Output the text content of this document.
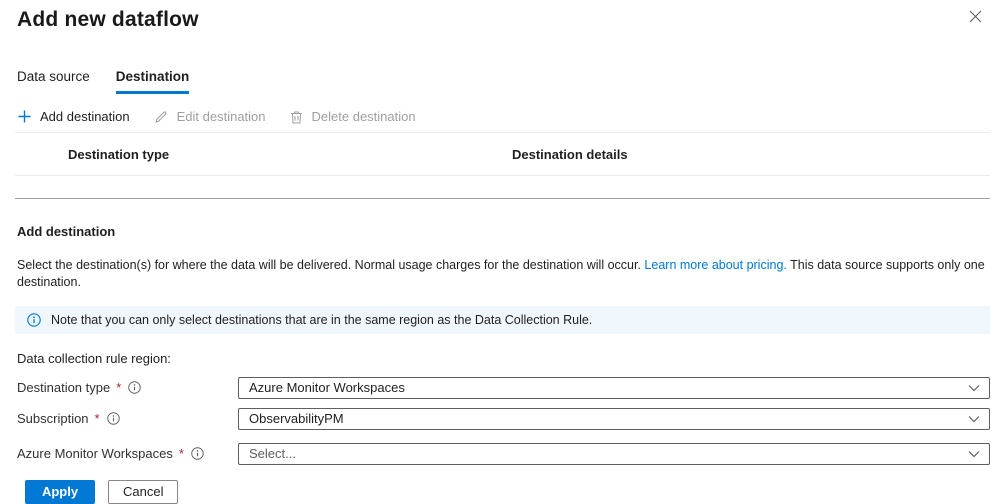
Add new dataflow
Data source Destination
Add destination	Edit destination	Delete destination
Destination type	Destination details
Add destination
Select the destination(s) for where the data will be delivered. Normal usage charges for the destination will occur. Learn more about pricing. This data source supports only one destination.
Note that you can only select destinations that are in the same region as the Data Collection Rule.
Data collection rule region:
Destination type *	Azure Monitor Workspaces
Subscription *	ObservabilityPM
Azure Monitor Workspaces *	Select...
Apply	Cancel
